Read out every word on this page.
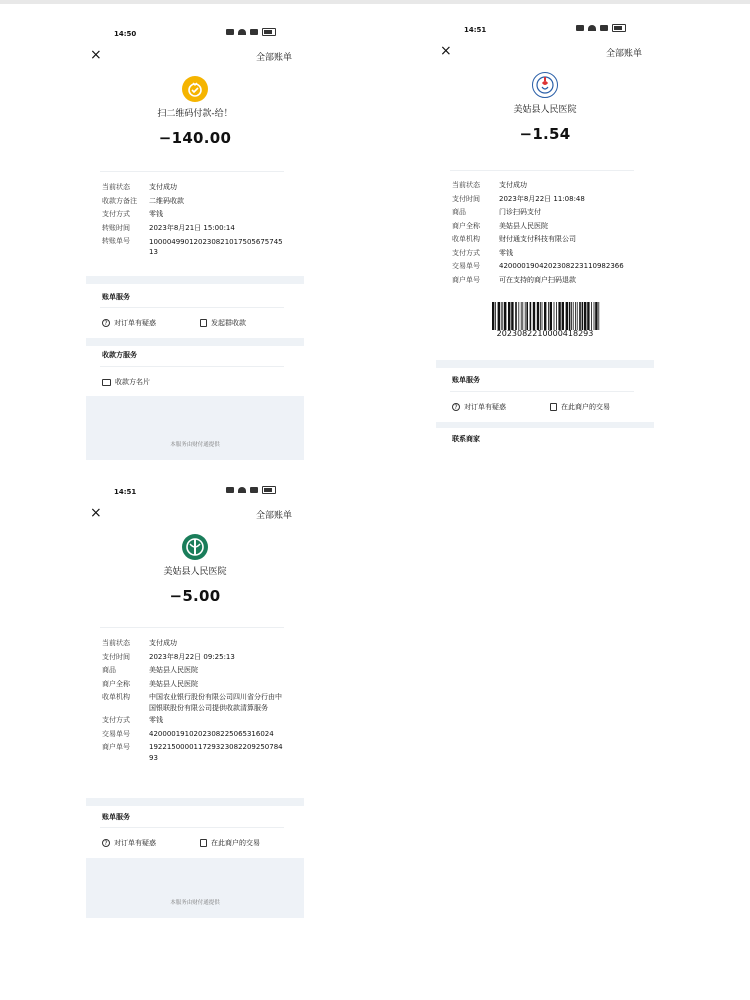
14:50
×	全部账单
扫二维码付款-给！
−140.00
当前状态	支付成功
收款方备注	二维码收款
支付方式	零钱
转账时间	2023年8月21日 15:00:14
转账单号	10000499012023082101750567574513
账单服务
? 对订单有疑惑	发起群收款
收款方服务
收款方名片
本服务由财付通提供
14:51
×	全部账单
美姑县人民医院
−1.54
当前状态	支付成功
支付时间	2023年8月22日 11:08:48
商品	门诊扫码支付
商户全称	美姑县人民医院
收单机构	财付通支付科技有限公司
支付方式	零钱
交易单号	4200001904202308223110982366
商户单号	可在支持的商户扫码退款
2023082210000418293
账单服务
? 对订单有疑惑	在此商户的交易
联系商家
14:51
×	全部账单
美姑县人民医院
−5.00
当前状态	支付成功
支付时间	2023年8月22日 09:25:13
商品	美姑县人民医院
商户全称	美姑县人民医院
收单机构	中国农业银行股份有限公司四川省分行由中国银联股份有限公司提供收款清算服务
支付方式	零钱
交易单号	4200001910202308225065316024
商户单号	19221500001172932308220925078493
账单服务
? 对订单有疑惑	在此商户的交易
本服务由财付通提供
